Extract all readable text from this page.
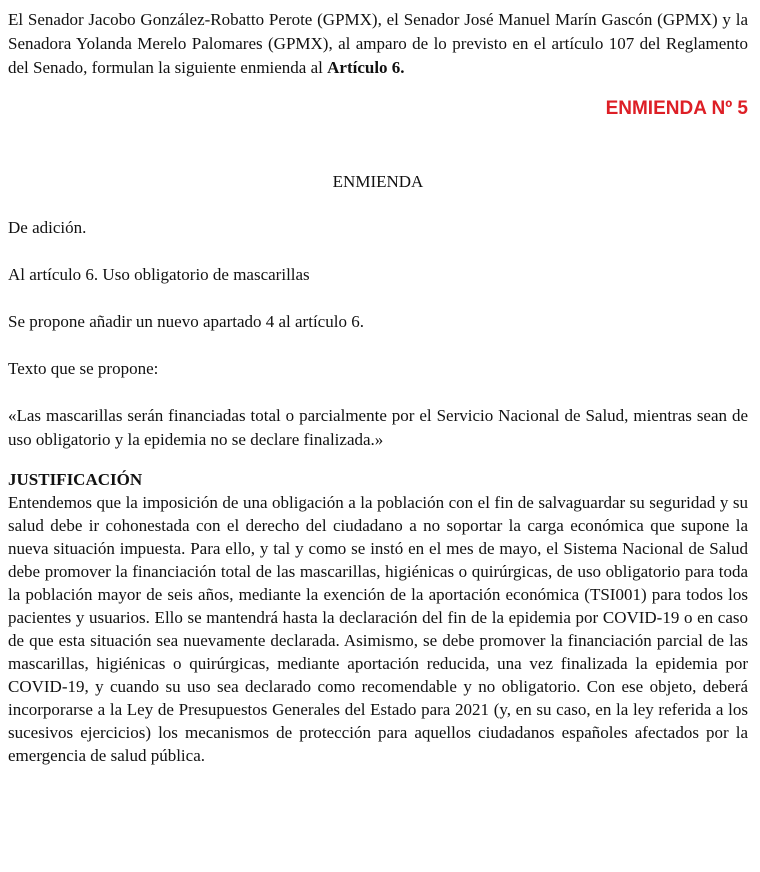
El Senador Jacobo González-Robatto Perote (GPMX), el Senador José Manuel Marín Gascón (GPMX) y la Senadora Yolanda Merelo Palomares (GPMX), al amparo de lo previsto en el artículo 107 del Reglamento del Senado, formulan la siguiente enmienda al Artículo 6.

ENMIENDA Nº 5

ENMIENDA

De adición.

Al artículo 6. Uso obligatorio de mascarillas

Se propone añadir un nuevo apartado 4 al artículo 6.

Texto que se propone:

«Las mascarillas serán financiadas total o parcialmente por el Servicio Nacional de Salud, mientras sean de uso obligatorio y la epidemia no se declare finalizada.»

JUSTIFICACIÓN

Entendemos que la imposición de una obligación a la población con el fin de salvaguardar su seguridad y su salud debe ir cohonestada con el derecho del ciudadano a no soportar la carga económica que supone la nueva situación impuesta. Para ello, y tal y como se instó en el mes de mayo, el Sistema Nacional de Salud debe promover la financiación total de las mascarillas, higiénicas o quirúrgicas, de uso obligatorio para toda la población mayor de seis años, mediante la exención de la aportación económica (TSI001) para todos los pacientes y usuarios. Ello se mantendrá hasta la declaración del fin de la epidemia por COVID-19 o en caso de que esta situación sea nuevamente declarada. Asimismo, se debe promover la financiación parcial de las mascarillas, higiénicas o quirúrgicas, mediante aportación reducida, una vez finalizada la epidemia por COVID-19, y cuando su uso sea declarado como recomendable y no obligatorio. Con ese objeto, deberá incorporarse a la Ley de Presupuestos Generales del Estado para 2021 (y, en su caso, en la ley referida a los sucesivos ejercicios) los mecanismos de protección para aquellos ciudadanos españoles afectados por la emergencia de salud pública.
